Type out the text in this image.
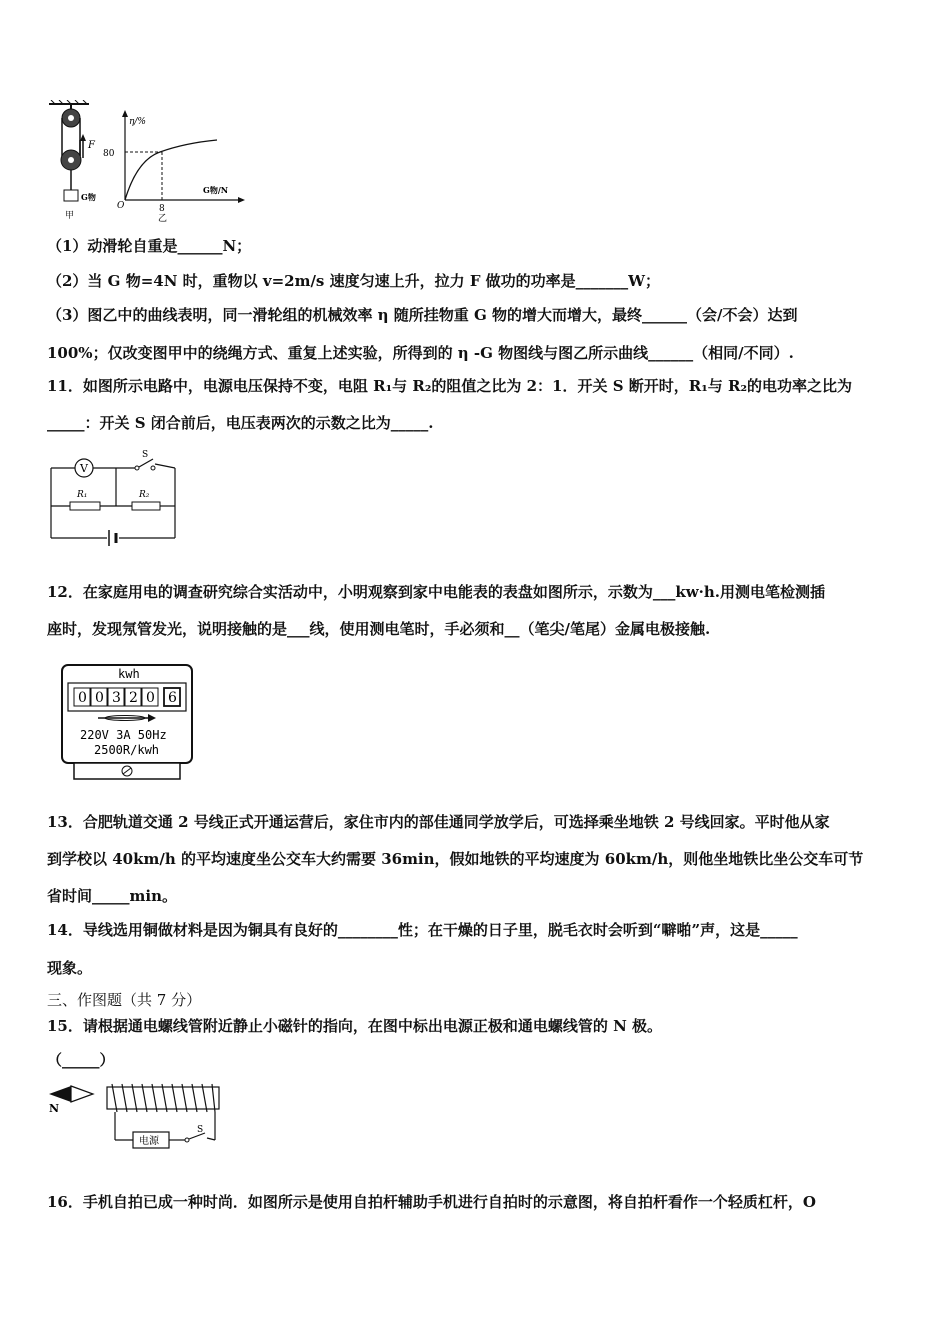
F
G物
甲
η/%
80
O	8
乙
G物/N
（1）动滑轮自重是______N；
（2）当 G 物=4N 时，重物以 v=2m/s 速度匀速上升，拉力 F 做功的功率是_______W；
（3）图乙中的曲线表明，同一滑轮组的机械效率 η 随所挂物重 G 物的增大而增大，最终______（会/不会）达到
100%；仅改变图甲中的绕绳方式、重复上述实验，所得到的 η -G 物图线与图乙所示曲线______（相同/不同）.
11．如图所示电路中，电源电压保持不变，电阻 R₁与 R₂的阻值之比为 2：1．开关 S 断开时，R₁与 R₂的电功率之比为
_____：开关 S 闭合前后，电压表两次的示数之比为_____.
V
S
R₁	R₂
12．在家庭用电的调查研究综合实活动中，小明观察到家中电能表的表盘如图所示，示数为___kw·h.用测电笔检测插
座时，发现氖管发光，说明接触的是___线，使用测电笔时，手必须和__（笔尖/笔尾）金属电极接触.
kwh
0 0 3 2 0 6
220V 3A 50Hz
2500R/kwh
13．合肥轨道交通 2 号线正式开通运营后，家住市内的部佳通同学放学后，可选择乘坐地铁 2 号线回家。平时他从家
到学校以 40km/h 的平均速度坐公交车大约需要 36min，假如地铁的平均速度为 60km/h，则他坐地铁比坐公交车可节
省时间_____min。
14．导线选用铜做材料是因为铜具有良好的________性；在干燥的日子里，脱毛衣时会听到“噼啪”声，这是_____
现象。
三、作图题（共 7 分）
15．请根据通电螺线管附近静止小磁针的指向，在图中标出电源正极和通电螺线管的 N 极。
（_____）
N
电源
S
16．手机自拍已成一种时尚．如图所示是使用自拍杆辅助手机进行自拍时的示意图，将自拍杆看作一个轻质杠杆，O
